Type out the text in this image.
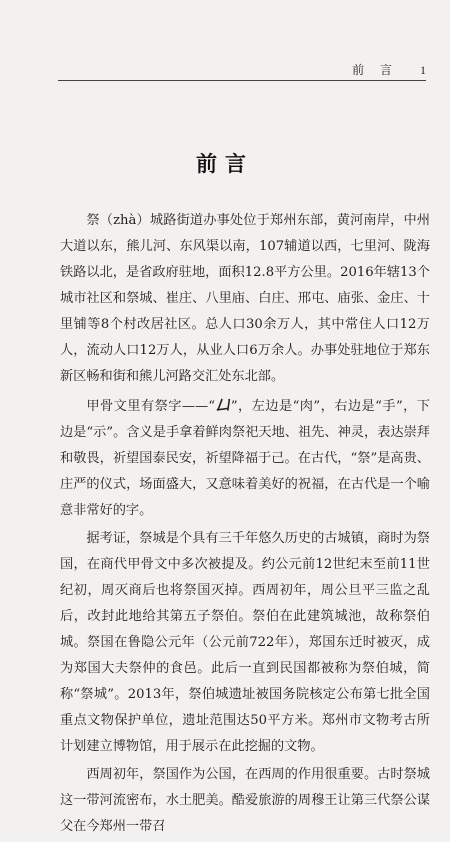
前 言 1
前言

祭（zhà）城路街道办事处位于郑州东部，黄河南岸，中州大道以东，熊儿河、东风渠以南，107辅道以西，七里河、陇海铁路以北，是省政府驻地，面积12.8平方公里。2016年辖13个城市社区和祭城、崔庄、八里庙、白庄、邢屯、庙张、金庄、十里铺等8个村改居社区。总人口30余万人，其中常住人口12万人，流动人口12万人，从业人口6万余人。办事处驻地位于郑东新区畅和街和熊儿河路交汇处东北部。

甲骨文里有祭字——“𠙴”，左边是“肉”，右边是“手”，下边是“示”。含义是手拿着鲜肉祭祀天地、祖先、神灵，表达崇拜和敬畏，祈望国泰民安，祈望降福于己。在古代，“祭”是高贵、庄严的仪式，场面盛大，又意味着美好的祝福，在古代是一个喻意非常好的字。

据考证，祭城是个具有三千年悠久历史的古城镇，商时为祭国，在商代甲骨文中多次被提及。约公元前12世纪末至前11世纪初，周灭商后也将祭国灭掉。西周初年，周公旦平三监之乱后，改封此地给其第五子祭伯。祭伯在此建筑城池，故称祭伯城。祭国在鲁隐公元年（公元前722年），郑国东迁时被灭，成为郑国大夫祭仲的食邑。此后一直到民国都被称为祭伯城，简称“祭城”。2013年，祭伯城遗址被国务院核定公布第七批全国重点文物保护单位，遗址范围达50平方米。郑州市文物考古所计划建立博物馆，用于展示在此挖掘的文物。

西周初年，祭国作为公国，在西周的作用很重要。古时祭城这一带河流密布，水土肥美。酷爱旅游的周穆王让第三代祭公谋父在今郑州一带召
